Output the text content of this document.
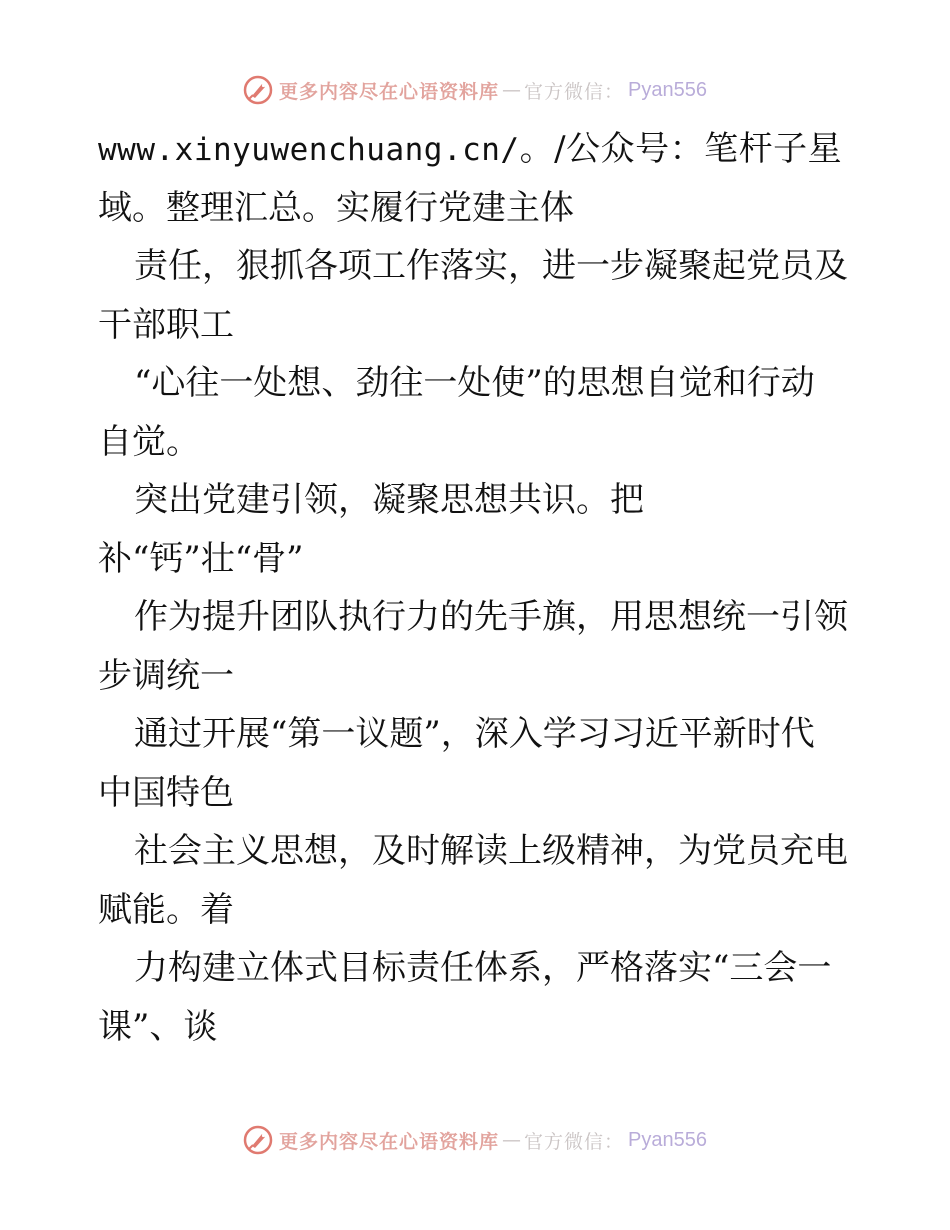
更多内容尽在心语资料库 — 官方微信： Pyan556
www.xinyuwenchuang.cn/。/公众号：笔杆子星
域。整理汇总。实履行党建主体
责任，狠抓各项工作落实，进一步凝聚起党员及
干部职工
“心往一处想、劲往一处使”的思想自觉和行动
自觉。
突出党建引领，凝聚思想共识。把
补“钙”壮“骨”
作为提升团队执行力的先手旗，用思想统一引领
步调统一
通过开展“第一议题”，深入学习习近平新时代
中国特色
社会主义思想，及时解读上级精神，为党员充电
赋能。着
力构建立体式目标责任体系，严格落实“三会一
课”、谈
更多内容尽在心语资料库 — 官方微信： Pyan556
